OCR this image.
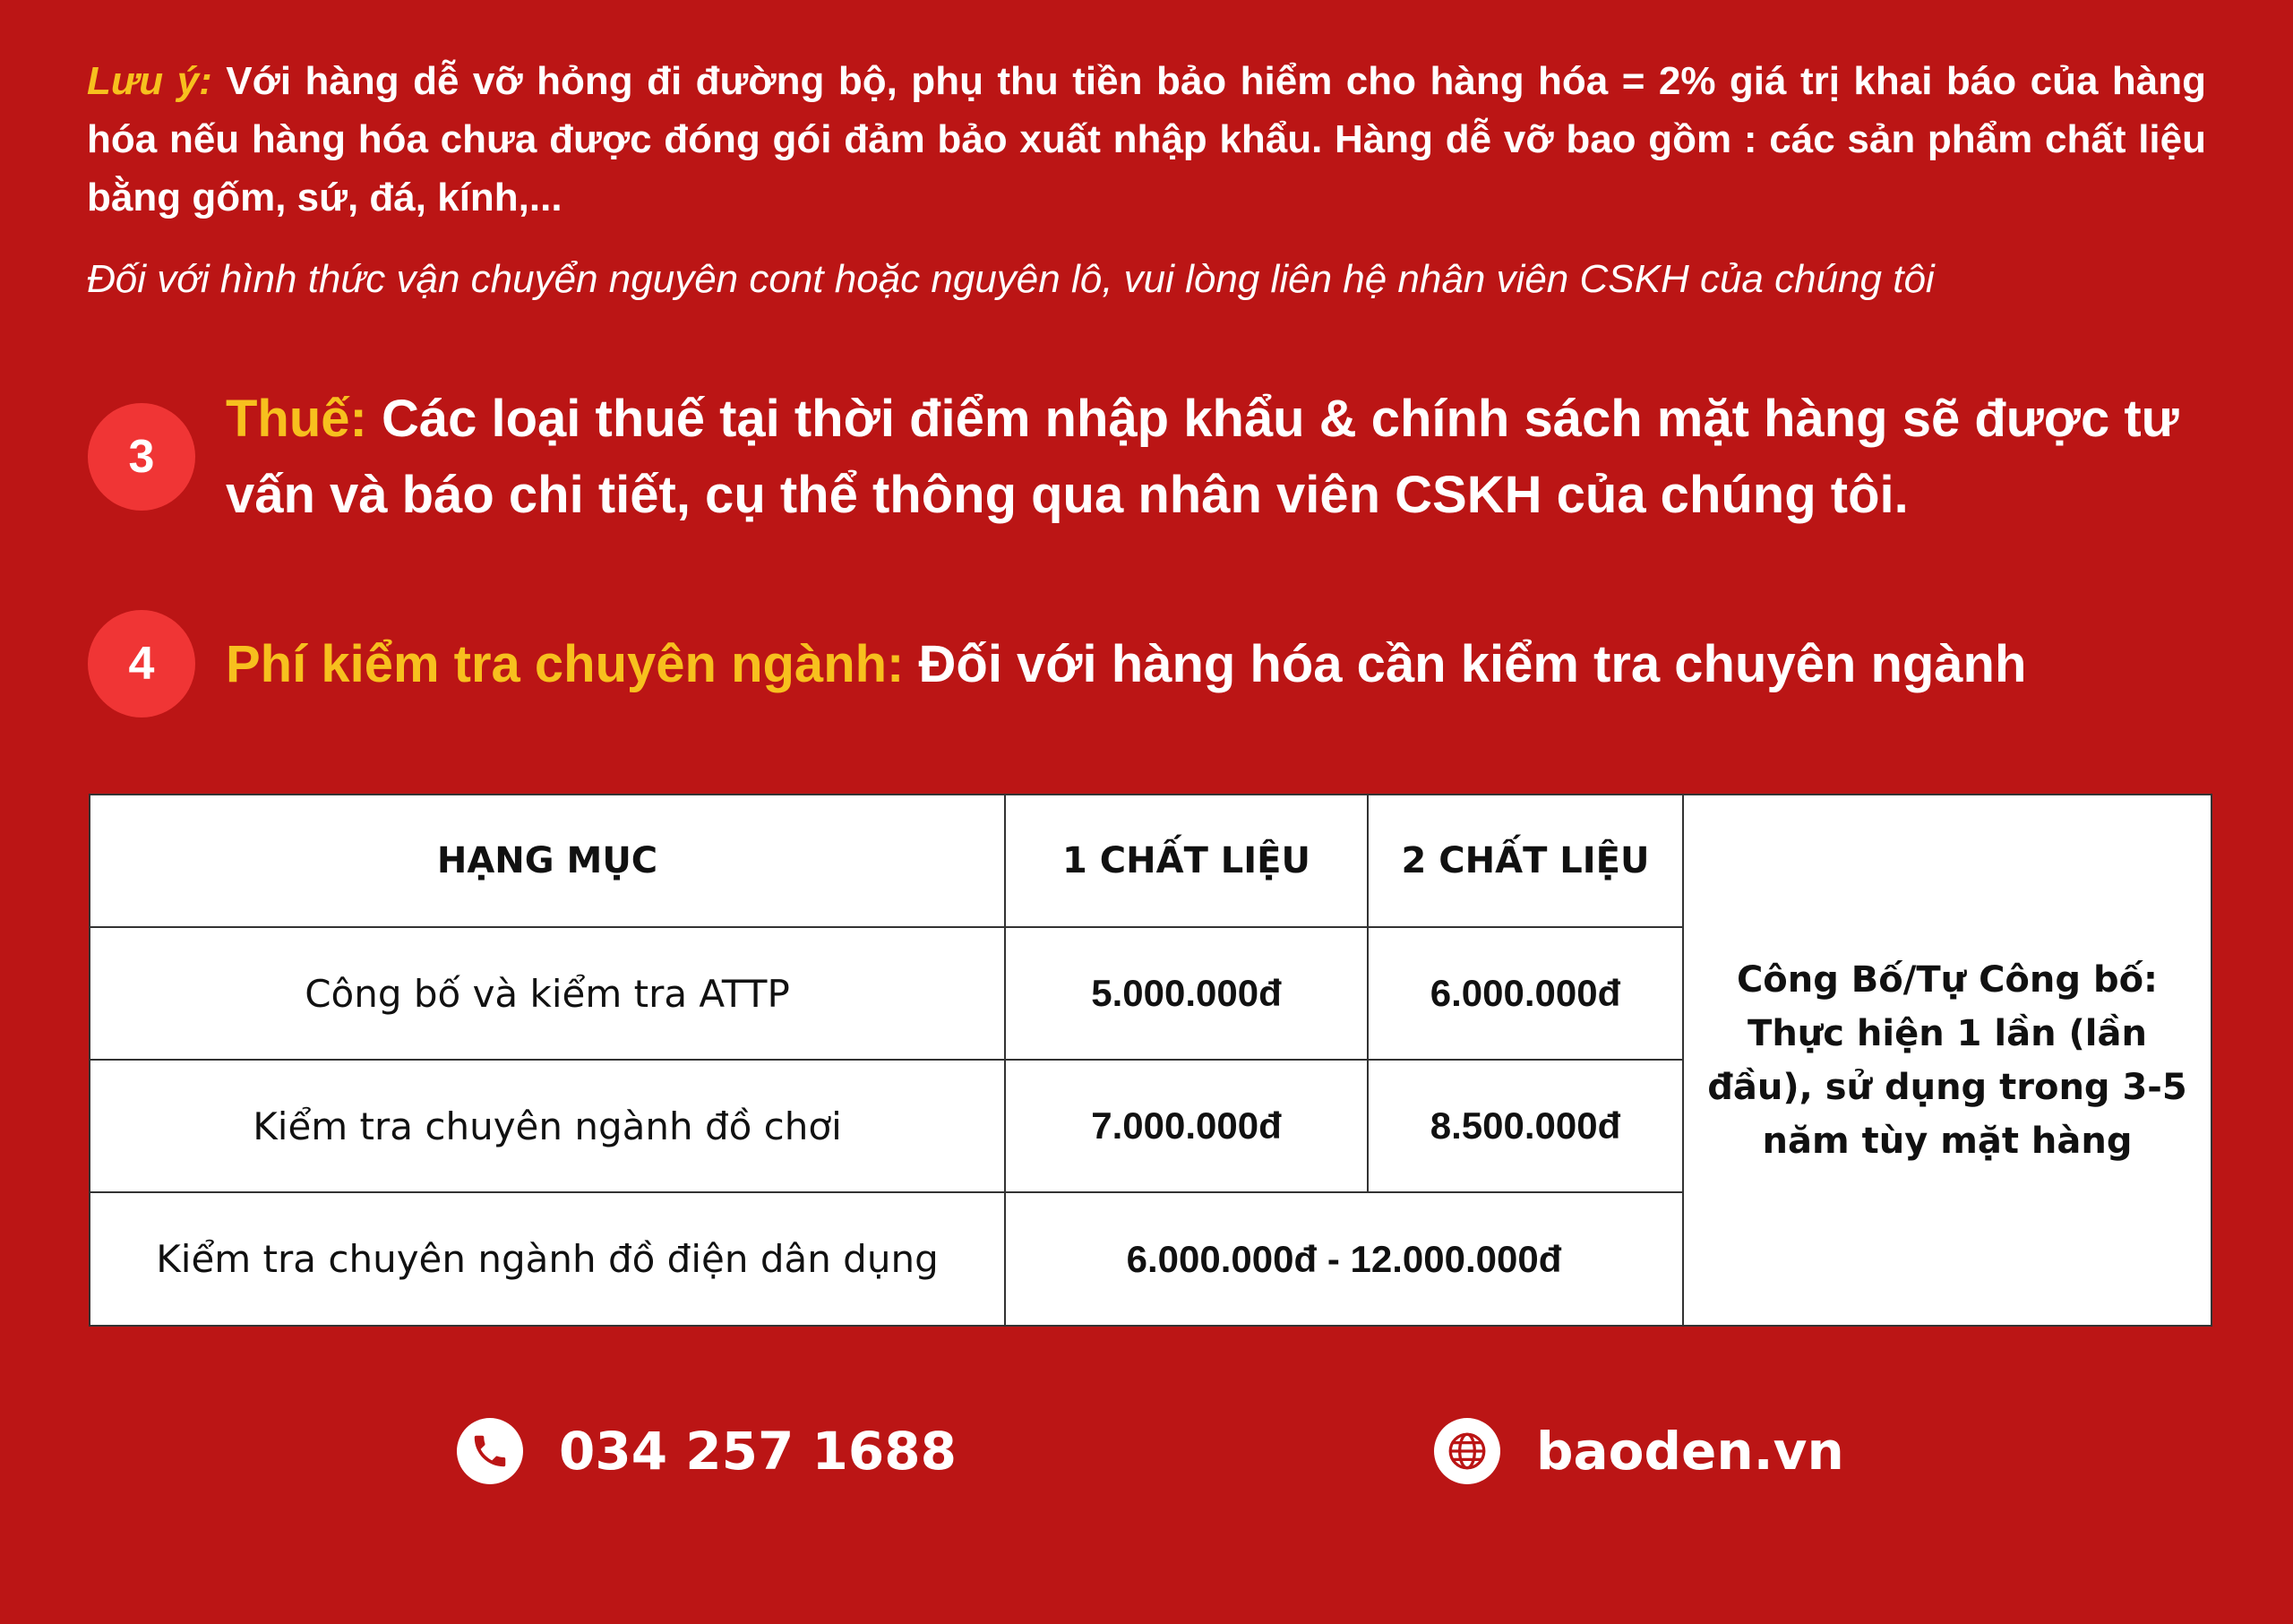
Lưu ý: Với hàng dễ vỡ hỏng đi đường bộ, phụ thu tiền bảo hiểm cho hàng hóa = 2% giá trị khai báo của hàng hóa nếu hàng hóa chưa được đóng gói đảm bảo xuất nhập khẩu. Hàng dễ vỡ bao gồm : các sản phẩm chất liệu bằng gốm, sứ, đá, kính,...
Đối với hình thức vận chuyển nguyên cont hoặc nguyên lô, vui lòng liên hệ nhân viên CSKH của chúng tôi
3
Thuế: Các loại thuế tại thời điểm nhập khẩu & chính sách mặt hàng sẽ được tư vấn và báo chi tiết, cụ thể thông qua nhân viên CSKH của chúng tôi.
4	Phí kiểm tra chuyên ngành: Đối với hàng hóa cần kiểm tra chuyên ngành
HẠNG MỤC	1 CHẤT LIỆU	2 CHẤT LIỆU	Công Bố/Tự Công bố: Thực hiện 1 lần (lần đầu), sử dụng trong 3-5 năm tùy mặt hàng
Công bố và kiểm tra ATTP	5.000.000đ	6.000.000đ	
Kiểm tra chuyên ngành đồ chơi	7.000.000đ	8.500.000đ	
Kiểm tra chuyên ngành đồ điện dân dụng	6.000.000đ - 12.000.000đ		
034 257 1688	baoden.vn
